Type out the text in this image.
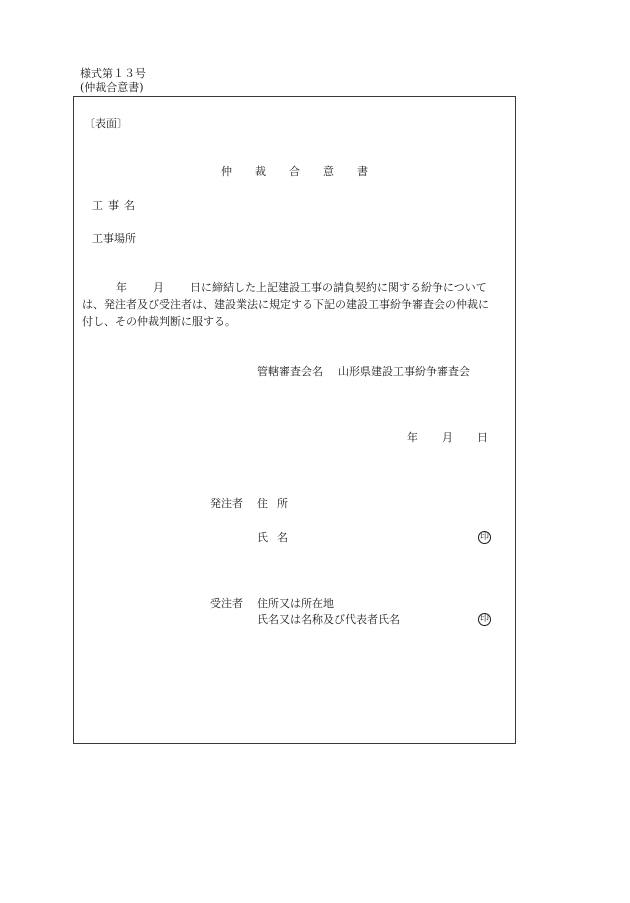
様式第１３号
(仲裁合意書)
〔表面〕
仲 裁 合 意 書
工 事 名
工事場所
年 月 日に締結した上記建設工事の請負契約に関する紛争について
は、発注者及び受注者は、建設業法に規定する下記の建設工事紛争審査会の仲裁に
付し、その仲裁判断に服する。
管轄審査会名 山形県建設工事紛争審査会
年 月 日
発注者 住 所
氏 名	印
受注者 住所又は所在地
氏名又は名称及び代表者氏名	印
